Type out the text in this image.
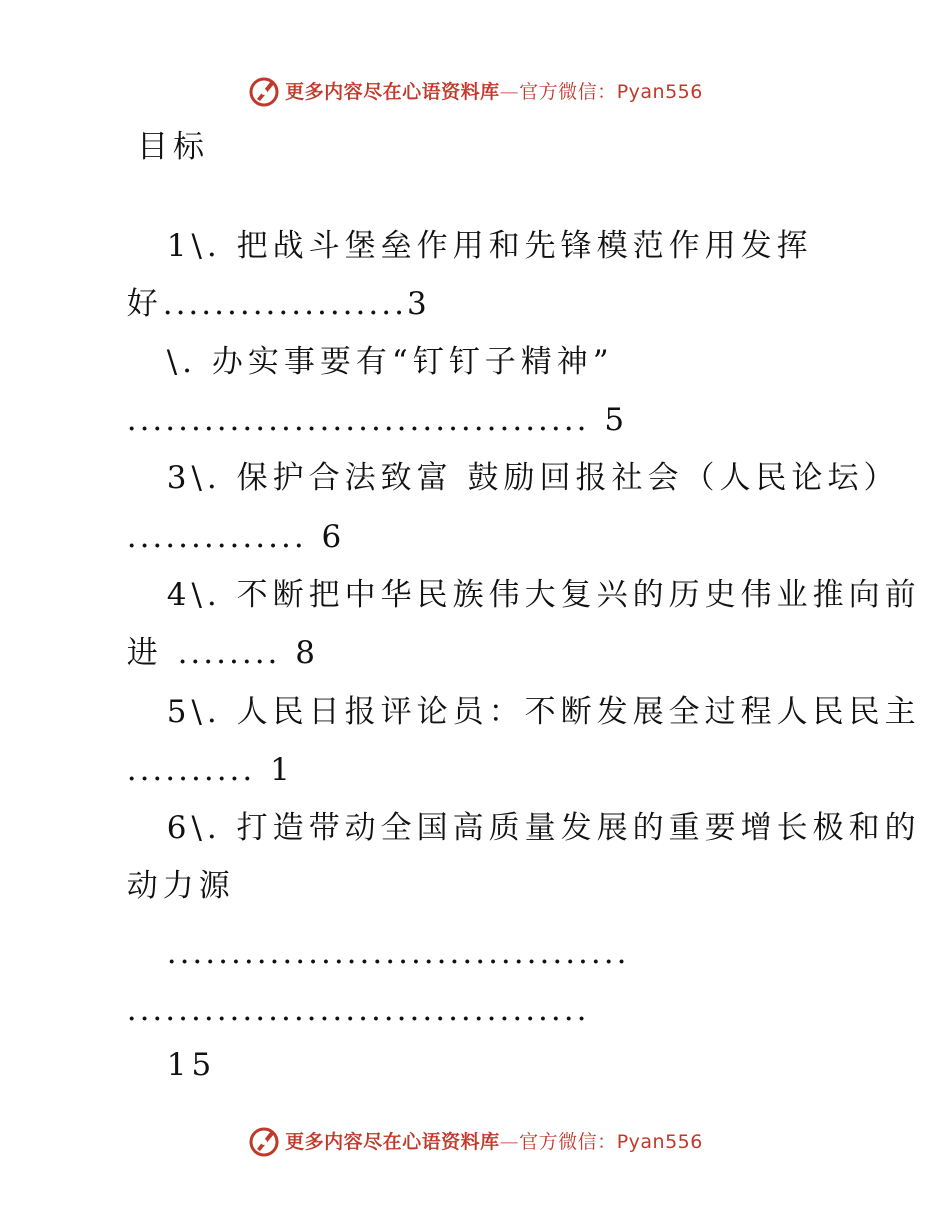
更多内容尽在心语资料库—官方微信：Pyan556
目标

1\. 把战斗堡垒作用和先锋模范作用发挥

好...................3

\. 办实事要有“钉钉子精神”

.................................... 5

3\. 保护合法致富 鼓励回报社会（人民论坛）

.............. 6

4\. 不断把中华民族伟大复兴的历史伟业推向前

进 ........ 8

5\. 人民日报评论员：不断发展全过程人民民主

.......... 1

6\. 打造带动全国高质量发展的重要增长极和的

动力源

....................................

....................................

15

更多内容尽在心语资料库—官方微信：Pyan556
